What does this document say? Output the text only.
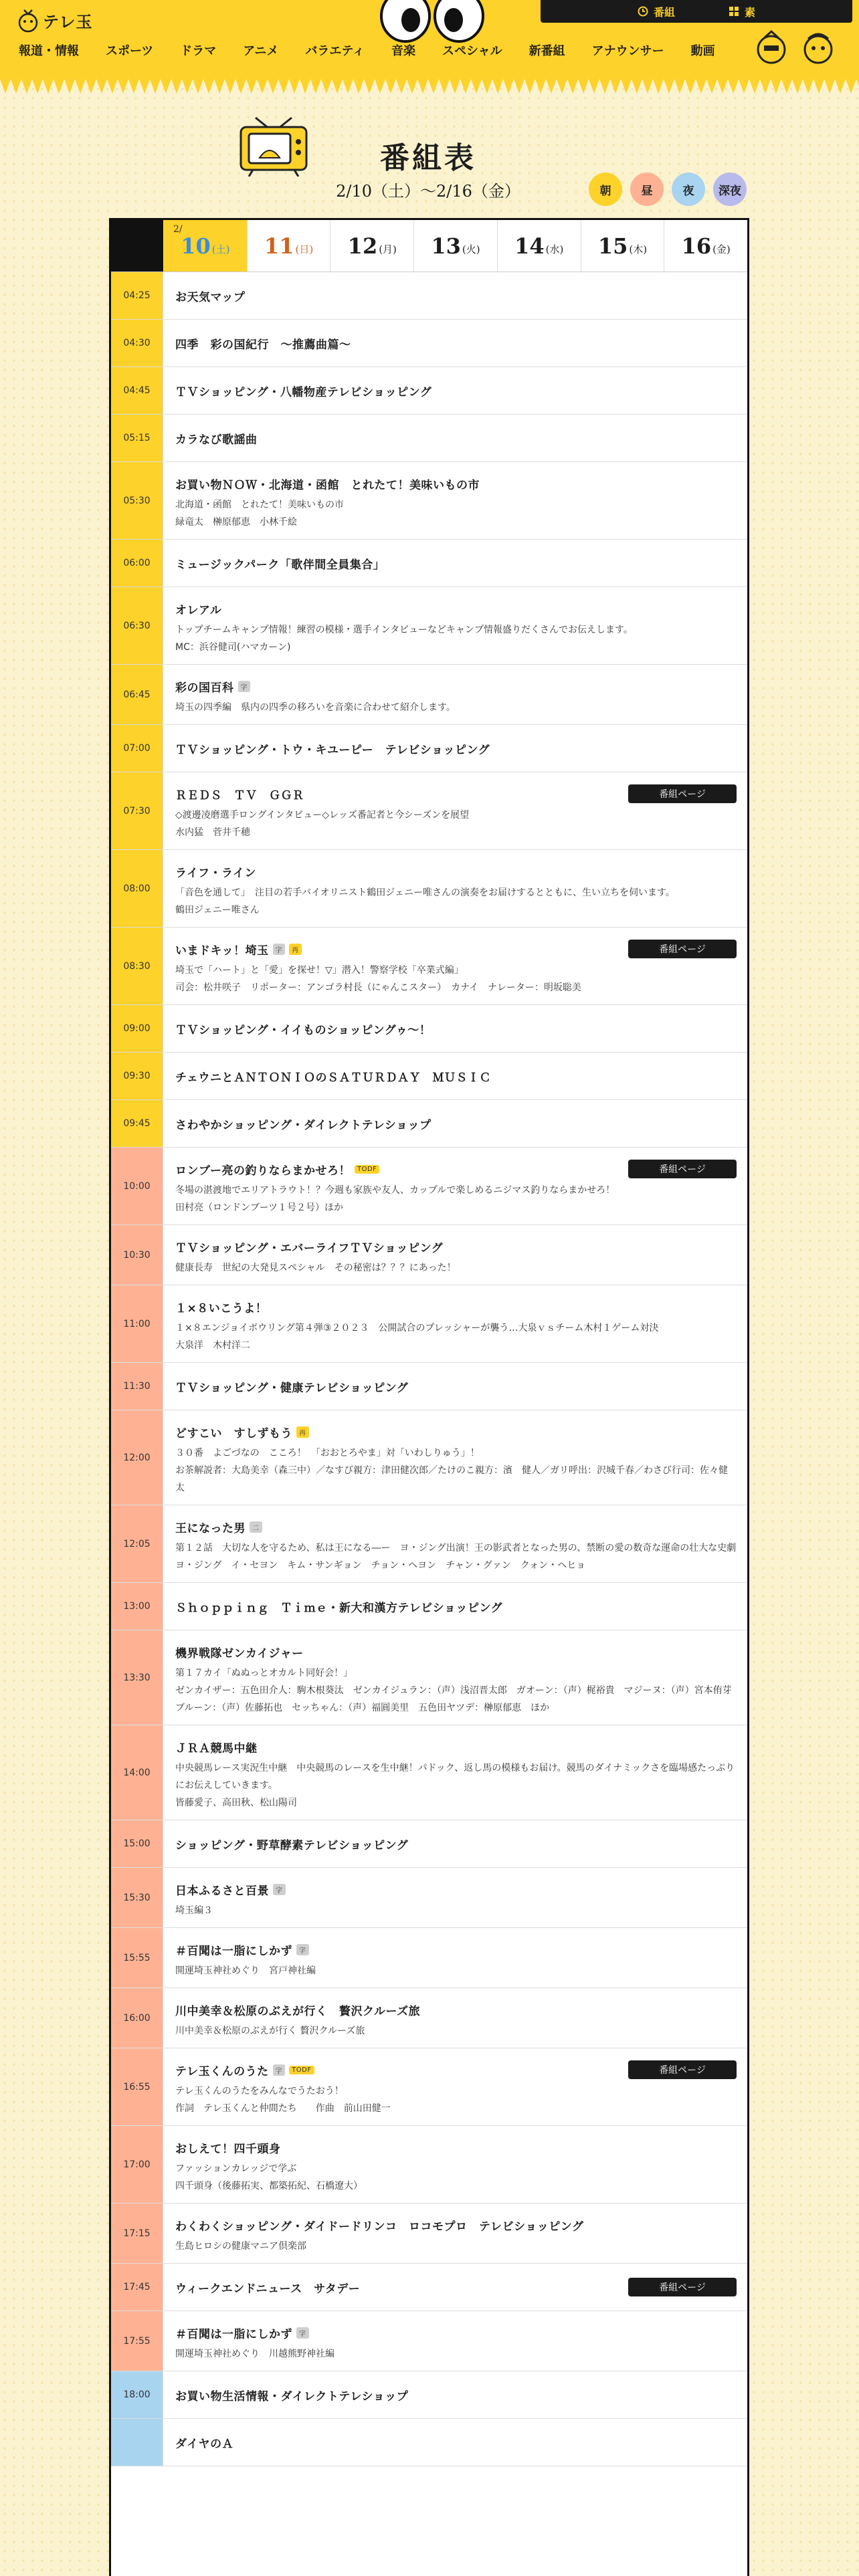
テレ玉
番組	素
報道・情報 スポーツ ドラマ アニメ バラエティ 音楽 スペシャル 新番組 アナウンサー 動画
番組表
2/10（土）〜2/16（金）	朝	昼	夜	深夜
2/
10 (土) 11 (日) 12 (月) 13 (火) 14 (水) 15 (木) 16 (金)
04:25	お天気マップ
04:30	四季　彩の国紀行　〜推薦曲篇〜
04:45	ＴＶショッピング・八幡物産テレビショッピング
05:15	カラなび歌謡曲
05:30
お買い物ＮＯＷ・北海道・函館　とれたて！美味いもの市
北海道・函館　とれたて！美味いもの市
緑竜太　榊原郁恵　小林千絵
06:00	ミュージックパーク「歌伴間全員集合」
06:30
オレアル
トップチームキャンプ情報！練習の模様・選手インタビューなどキャンプ情報盛りだくさんでお伝えします。
MC：浜谷健司(ハマカーン)
06:45	彩の国百科	字
埼玉の四季編　県内の四季の移ろいを音楽に合わせて紹介します。
07:00	ＴＶショッピング・トウ・キユーピー　テレビショッピング
07:30
ＲＥＤＳ　ＴＶ　ＧＧＲ
◇渡邊凌磨選手ロングインタビュー◇レッズ番記者と今シーズンを展望
水内猛　菅井千穂
番組ページ
08:00
ライフ・ライン
「音色を通して」　注目の若手バイオリニスト鶴田ジェニー唯さんの演奏をお届けするとともに、生い立ちを伺います。
鶴田ジェニー唯さん
08:30
いまドキッ！埼玉	字	再
埼玉で「ハート」と「愛」を探せ！▽」潜入！警察学校「卒業式編」
司会：松井咲子　リポーター：アンゴラ村長（にゃんこスター）　カナイ　ナレーター：明坂聡美
番組ページ
09:00	ＴＶショッピング・イイものショッピングゥ〜！
09:30	チェウニとＡＮＴＯＮＩＯのＳＡＴＵＲＤＡＹ　ＭＵＳＩＣ
09:45	さわやかショッピング・ダイレクトテレショップ
10:00
ロンブー亮の釣りならまかせろ！	TODF
冬場の湛渡地でエリアトラウト！？今週も家族や友人、カップルで楽しめるニジマス釣りならまかせろ！
田村亮（ロンドンブーツ１号２号）ほか
番組ページ
10:30	ＴＶショッピング・エバーライフＴＶショッピング
健康長寿　世紀の大発見スペシャル　その秘密は？？？にあった！
11:00
１×８いこうよ！
１×８エンジョイボウリング第４弾③２０２３　公開試合のプレッシャーが襲う…大泉ｖｓチーム木村１ゲーム対決
大泉洋　木村洋二
11:30	ＴＶショッピング・健康テレビショッピング
12:00
どすこい　すしずもう	再
３０番　よごづなの　こころ！　「おおとろやま」対「いわしりゅう」！
お茶解説者：大島美幸（森三中）／なすび親方：津田健次郎／たけのこ親方：濱　健人／ガリ呼出：沢城千春／わさび行司：佐々健太
12:05
王になった男	二
第１２話　大切な人を守るため、私は王になる―ー　ヨ・ジング出演！王の影武者となった男の、禁断の愛の数奇な運命の壮大な史劇
ヨ・ジング　イ・セヨン　キム・サンギョン　チョン・ヘヨン　チャン・グァン　クォン・ヘヒョ
13:00	Ｓｈｏｐｐｉｎｇ　Ｔｉｍｅ・新大和漢方テレビショッピング
13:30
機界戦隊ゼンカイジャー
第１７カイ「ぬぬっとオカルト同好会！」
ゼンカイザー：五色田介人：駒木根葵汰　ゼンカイジュラン：（声）浅沼晋太郎　ガオーン：（声）梶裕貴　マジーヌ：（声）宮本侑芽　ブルーン：（声）佐藤拓也　セッちゃん：（声）福圓美里　五色田ヤツデ：榊原郁恵　ほか
14:00
ＪＲＡ競馬中継
中央競馬レース実況生中継　中央競馬のレースを生中継！パドック、返し馬の模様もお届け。競馬のダイナミックさを臨場感たっぷりにお伝えしていきます。
皆藤愛子、高田秋、松山陽司
15:00	ショッピング・野草酵素テレビショッピング
15:30	日本ふるさと百景	字
埼玉編３
15:55	＃百聞は一脂にしかず	字
開運埼玉神社めぐり　宮戸神社編
16:00	川中美幸＆松原のぶえが行く　贅沢クルーズ旅
川中美幸＆松原のぶえが行く 贅沢クルーズ旅
16:55
テレ玉くんのうた	字	TODF
テレ玉くんのうたをみんなでうたおう！
作詞　テレ玉くんと仲間たち　　作曲　前山田健一
番組ページ
17:00
おしえて！四千頭身
ファッションカレッジで学ぶ
四千頭身（後藤拓実、都築拓紀、石橋遼大）
17:15	わくわくショッピング・ダイドードリンコ　ロコモプロ　テレビショッピング
生島ヒロシの健康マニア倶楽部
17:45	ウィークエンドニュース　サタデー	番組ページ
17:55	＃百聞は一脂にしかず	字
開運埼玉神社めぐり　川越熊野神社編
18:00	お買い物生活情報・ダイレクトテレショップ
ダイヤのＡ
